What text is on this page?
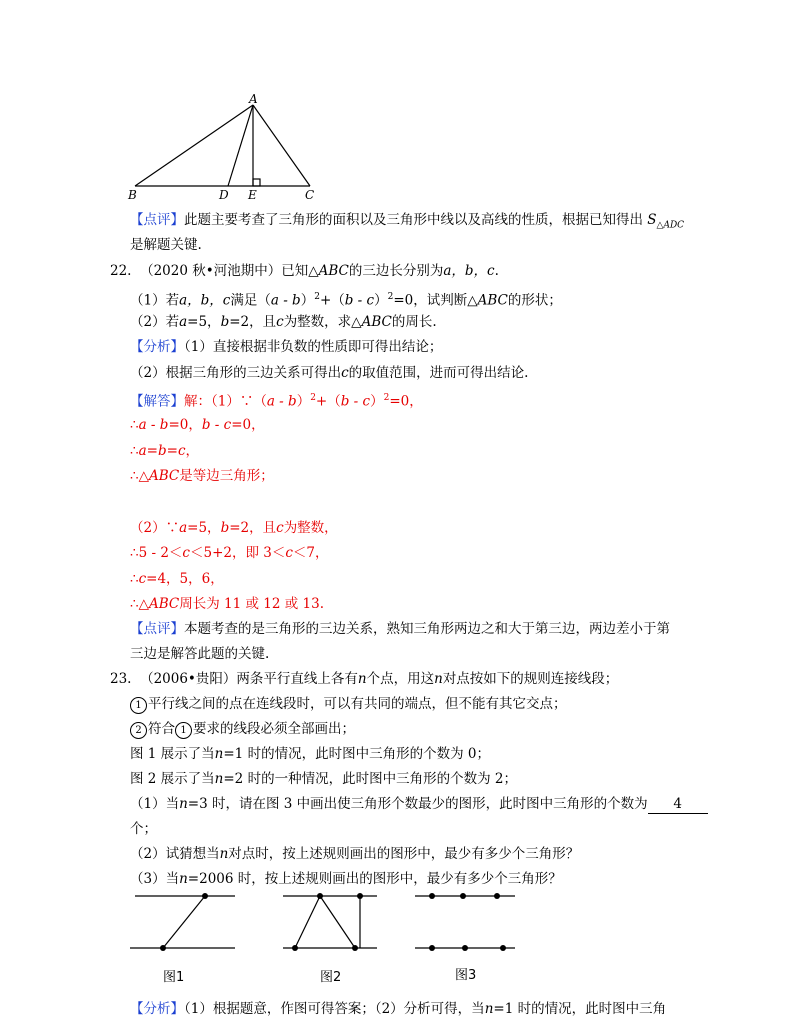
A
B	D E	C
【点评】此题主要考查了三角形的面积以及三角形中线以及高线的性质，根据已知得出 $S_{\triangle ADC}$
是解题关键.
22. （2020 秋•河池期中）已知△ABC的三边长分别为a，b，c.
（1）若a，b，c满足（a - b）$^2$+（b - c）$^2$=0，试判断△ABC的形状；
（2）若a=5，b=2，且c为整数，求△ABC的周长.
【分析】（1）直接根据非负数的性质即可得出结论；
（2）根据三角形的三边关系可得出c的取值范围，进而可得出结论.
【解答】解：（1）∵（a - b）$^2$+（b - c）$^2$=0，
∴a - b=0，b - c=0，
∴a=b=c，
∴△ABC是等边三角形；
（2）∵a=5，b=2，且c为整数，
∴5 - 2＜c＜5+2，即 3＜c＜7，
∴c=4，5，6，
∴△ABC周长为 11 或 12 或 13.
【点评】本题考查的是三角形的三边关系，熟知三角形两边之和大于第三边，两边差小于第
三边是解答此题的关键.
23. （2006•贵阳）两条平行直线上各有n个点，用这n对点按如下的规则连接线段；
1 平行线之间的点在连线段时，可以有共同的端点，但不能有其它交点；
2 符合 1 要求的线段必须全部画出；
图 1 展示了当n=1 时的情况，此时图中三角形的个数为 0；
图 2 展示了当n=2 时的一种情况，此时图中三角形的个数为 2；
（1）当n=3 时，请在图 3 中画出使三角形个数最少的图形，此时图中三角形的个数为 4
个；
（2）试猜想当n对点时，按上述规则画出的图形中，最少有多少个三角形？
（3）当n=2006 时，按上述规则画出的图形中，最少有多少个三角形？
图1	图2	图3
【分析】（1）根据题意，作图可得答案；（2）分析可得，当n=1 时的情况，此时图中三角
